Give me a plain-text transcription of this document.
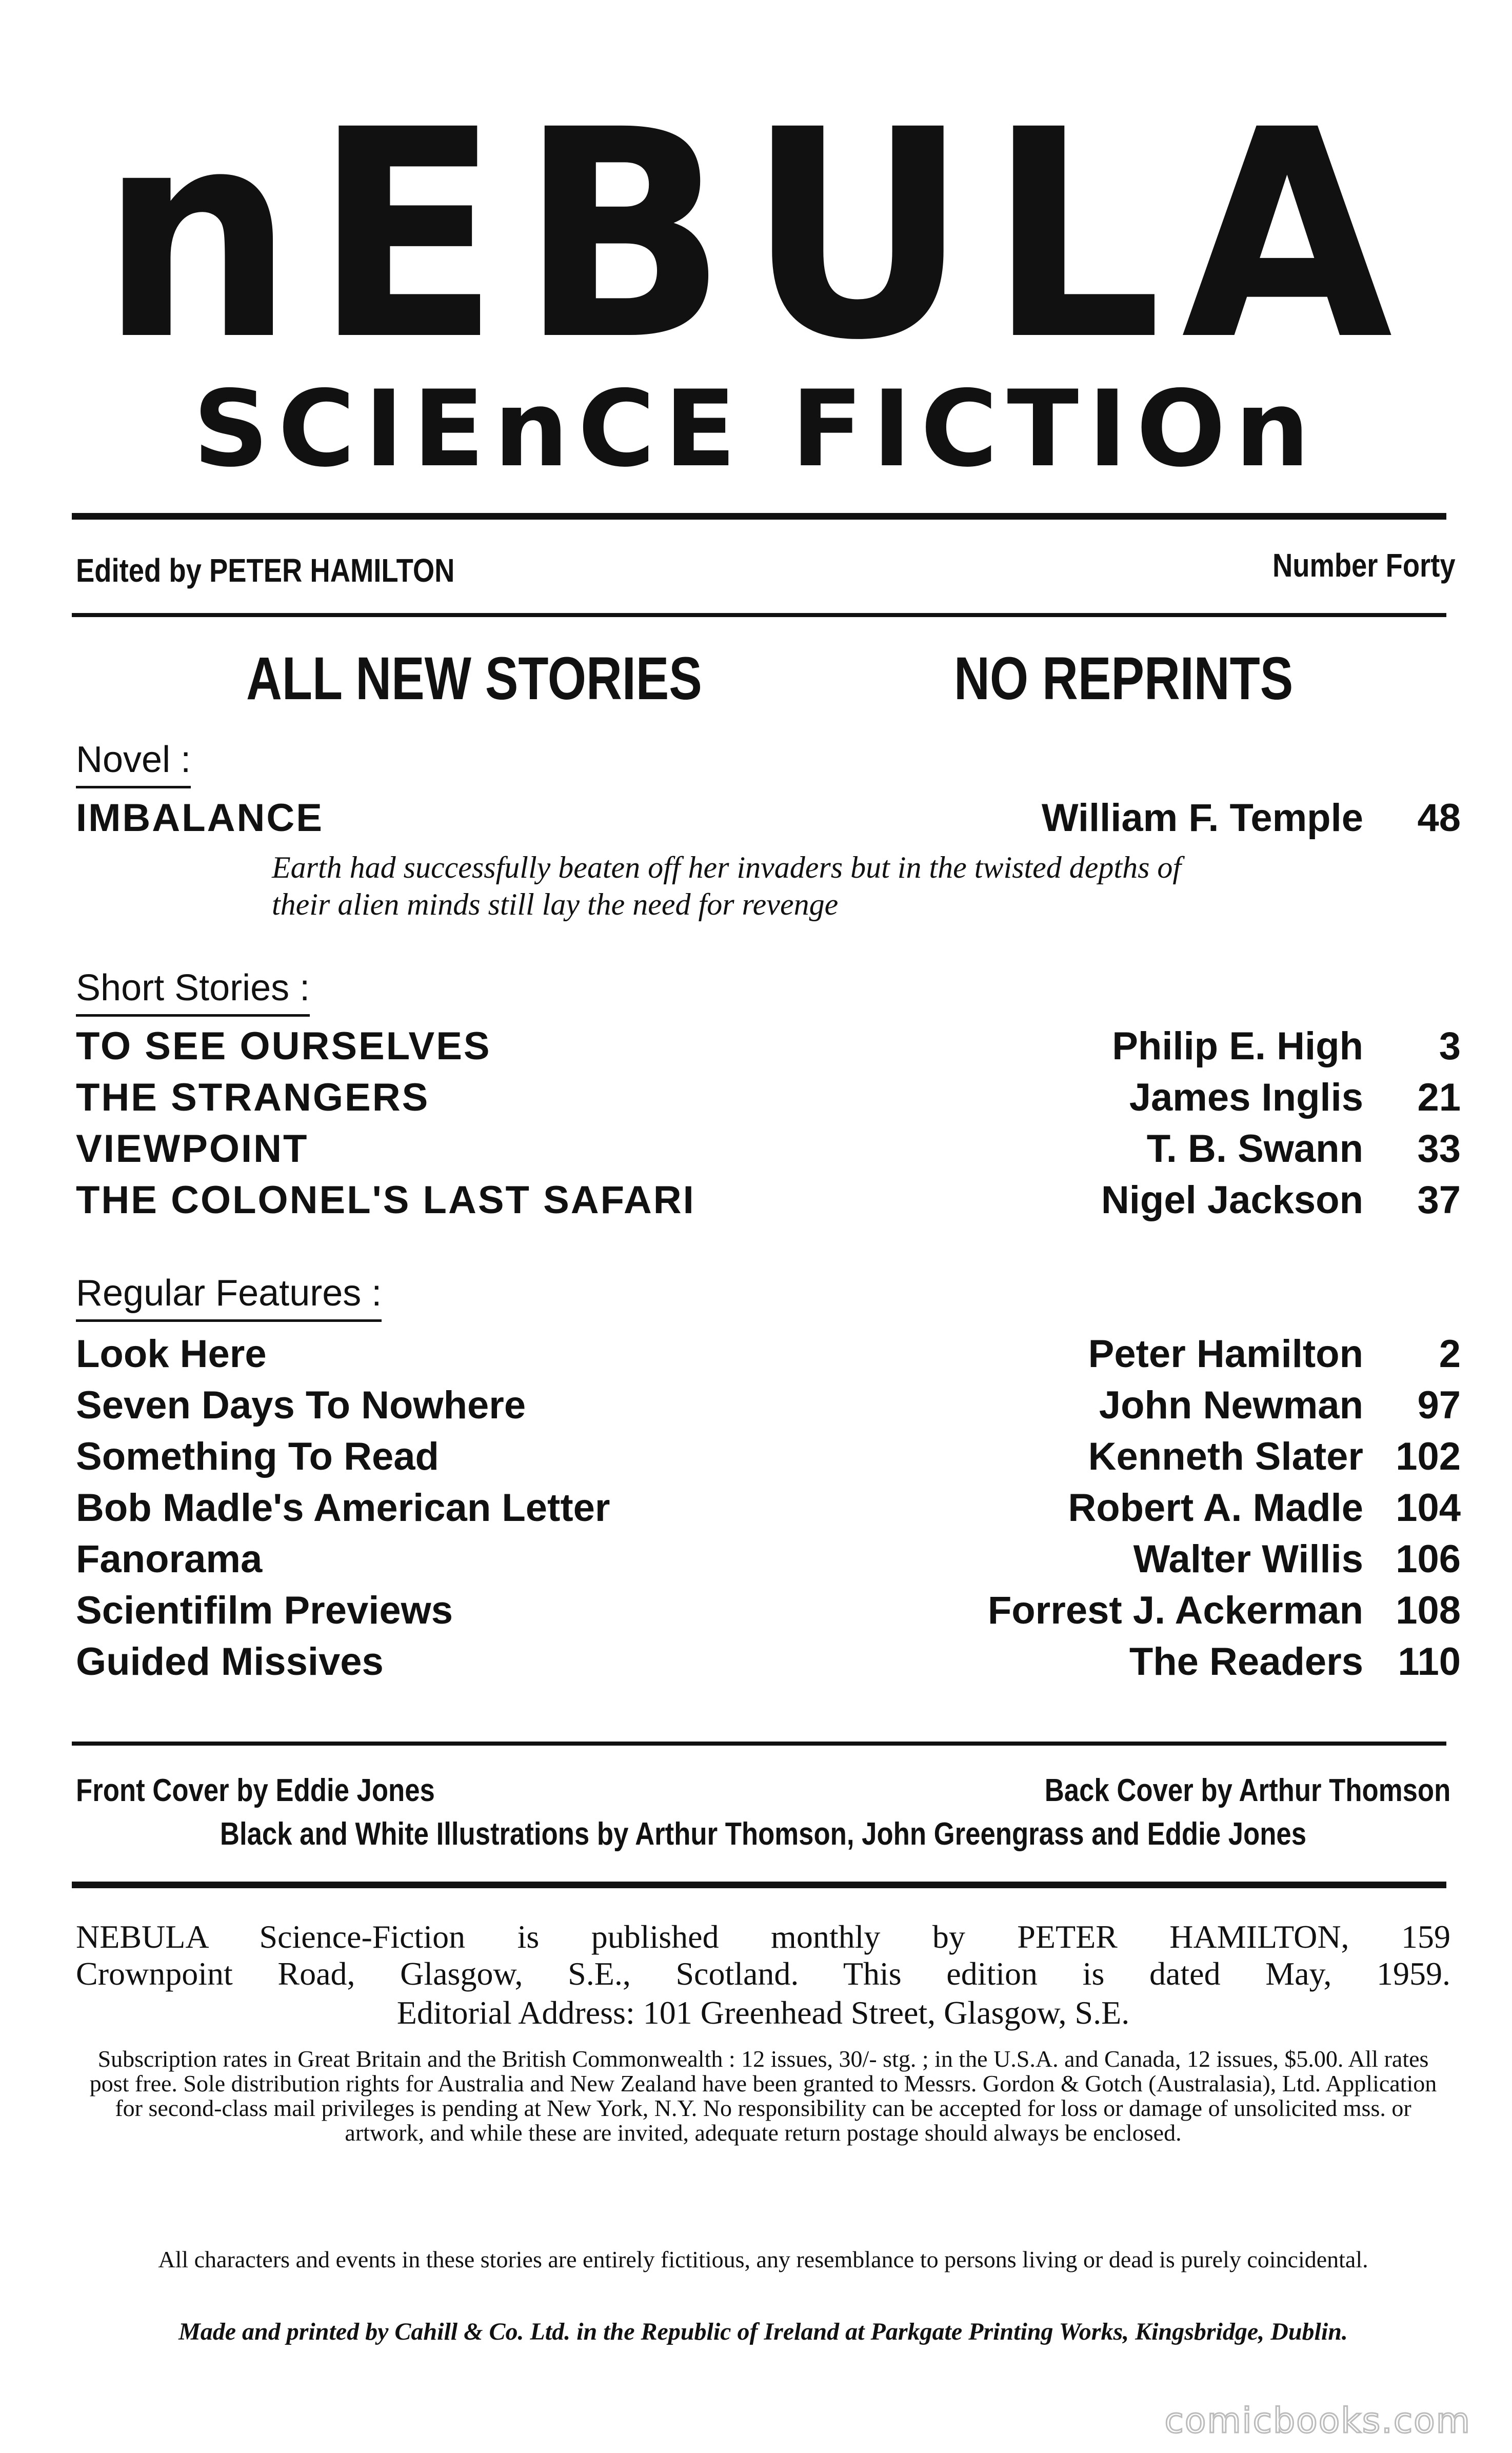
nEBULA
SCIEnCE FICTIOn
Edited by PETER HAMILTON	Number Forty
ALL NEW STORIES	NO REPRINTS
Novel :
IMBALANCE	William F. Temple	48
Earth had successfully beaten off her invaders but in the twisted depths of their alien minds still lay the need for revenge
Short Stories :
TO SEE OURSELVES	Philip E. High	3
THE STRANGERS	James Inglis	21
VIEWPOINT	T. B. Swann	33
THE COLONEL'S LAST SAFARI	Nigel Jackson	37
Regular Features :
Look Here	Peter Hamilton	2
Seven Days To Nowhere	John Newman	97
Something To Read	Kenneth Slater 102
Bob Madle's American Letter	Robert A. Madle 104
Fanorama	Walter Willis 106
Scientifilm Previews	Forrest J. Ackerman 108
Guided Missives	The Readers 110
Front Cover by Eddie Jones	Back Cover by Arthur Thomson
Black and White Illustrations by Arthur Thomson, John Greengrass and Eddie Jones
NEBULA Science-Fiction is published monthly by PETER HAMILTON, 159
Crownpoint Road, Glasgow, S.E., Scotland. This edition is dated May, 1959.
Editorial Address: 101 Greenhead Street, Glasgow, S.E.
Subscription rates in Great Britain and the British Commonwealth : 12 issues, 30/- stg. ; in the U.S.A. and Canada, 12 issues, $5.00. All rates post free. Sole distribution rights for Australia and New Zealand have been granted to Messrs. Gordon & Gotch (Australasia), Ltd. Application for second-class mail privileges is pending at New York, N.Y. No responsibility can be accepted for loss or damage of unsolicited mss. or artwork, and while these are invited, adequate return postage should always be enclosed.
All characters and events in these stories are entirely fictitious, any resemblance to persons living or dead is purely coincidental.
Made and printed by Cahill & Co. Ltd. in the Republic of Ireland at Parkgate Printing Works, Kingsbridge, Dublin.
comicbooks.com
